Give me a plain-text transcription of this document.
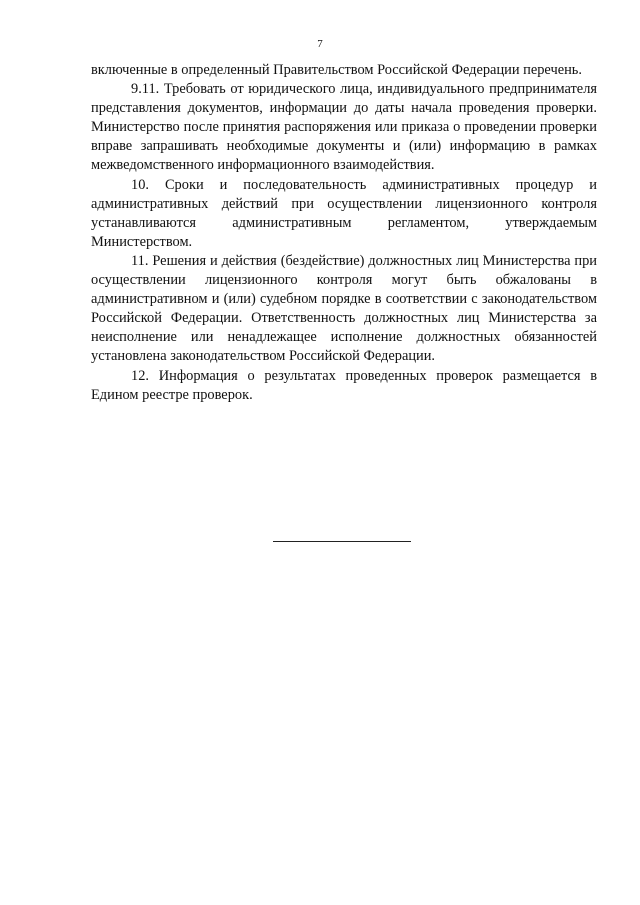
7

включенные в определенный Правительством Российской Федерации перечень.

9.11. Требовать от юридического лица, индивидуального предпринимателя представления документов, информации до даты начала проведения проверки. Министерство после принятия распоряжения или приказа о проведении проверки вправе запрашивать необходимые документы и (или) информацию в рамках межведомственного информационного взаимодействия.

10. Сроки и последовательность административных процедур и административных действий при осуществлении лицензионного контроля устанавливаются административным регламентом, утверждаемым Министерством.

11. Решения и действия (бездействие) должностных лиц Министерства при осуществлении лицензионного контроля могут быть обжалованы в административном и (или) судебном порядке в соответствии с законодательством Российской Федерации. Ответственность должностных лиц Министерства за неисполнение или ненадлежащее исполнение должностных обязанностей установлена законодательством Российской Федерации.

12. Информация о результатах проведенных проверок размещается в Едином реестре проверок.
